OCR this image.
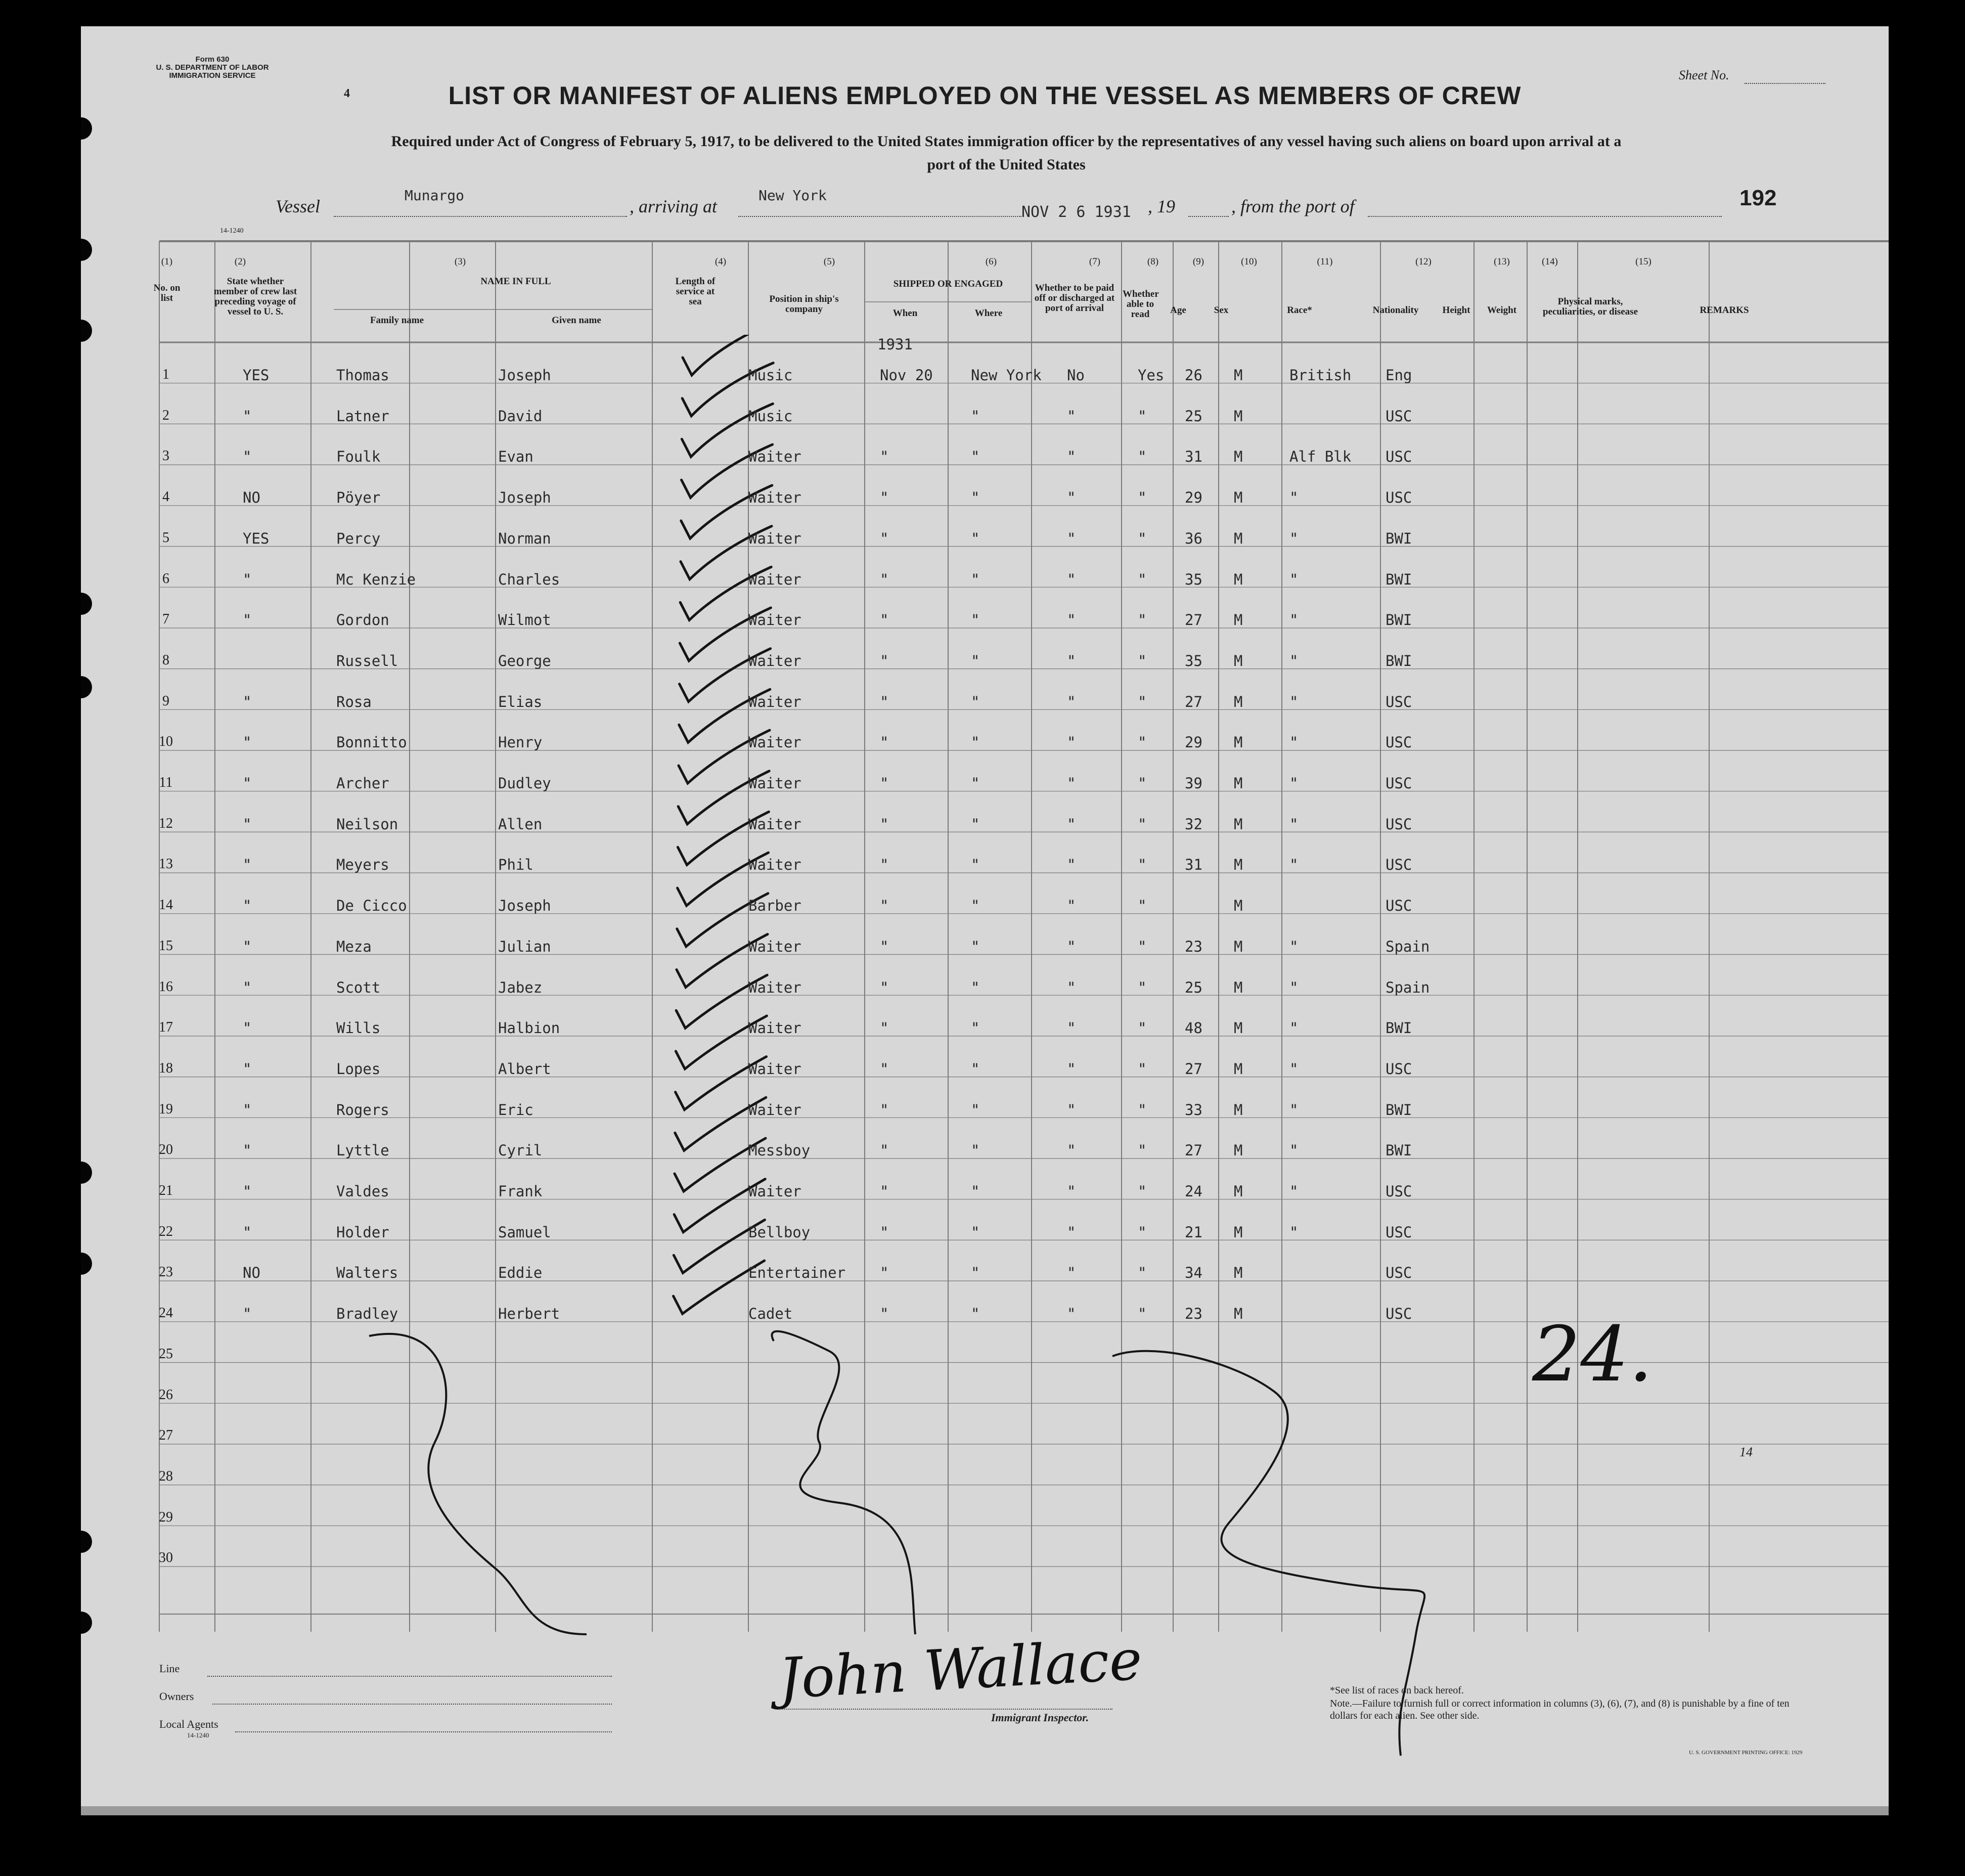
Form 630
U. S. DEPARTMENT OF LABOR
IMMIGRATION SERVICE
4
Sheet No.
LIST OR MANIFEST OF ALIENS EMPLOYED ON THE VESSEL AS MEMBERS OF CREW
Required under Act of Congress of February 5, 1917, to be delivered to the United States immigration officer by the representatives of any vessel having such aliens on board upon arrival at a
port of the United States
Vessel
Munargo
, arriving at
New York
NOV 2 6 1931 , 19	, from the port of	192
14-1240
(1)	(2)	(3)	(4)	(5)	(6)	(7)	(8)	(9)	(10)	(11)	(12)	(13)	(14)	(15)
No. on list
State whether member of crew last preceding voyage of vessel to U. S.
NAME IN FULL
Family name	Given name
Length of service at sea	Position in ship's company
SHIPPED OR ENGAGED
When	Where
Whether to be paid off or discharged at port of arrival
Whether able to read	Age	Sex	Race*	Nationality	Height	Weight
Physical marks, peculiarities, or disease	REMARKS
1	YES	Thomas	Joseph	Music	Nov 20	New York No	Yes 26 M	British Eng
2	"	Latner	David	Music	"	"	"	25 M	USC
3	"	Foulk	Evan	Waiter	"	"	"	"	31 M	Alf Blk USC
4	NO	Pöyer	Joseph	Waiter	"	"	"	"	29 M	"	USC
5	YES	Percy	Norman	Waiter	"	"	"	"	36 M	"	BWI
6	"	Mc Kenzie	Charles	Waiter	"	"	"	"	35 M	"	BWI
7	"	Gordon	Wilmot	Waiter	"	"	"	"	27 M	"	BWI
8	Russell	George	Waiter	"	"	"	"	35 M	"	BWI
9	"	Rosa	Elias	Waiter	"	"	"	"	27 M	"	USC
10	"	Bonnitto	Henry	Waiter	"	"	"	"	29 M	"	USC
11	"	Archer	Dudley	Waiter	"	"	"	"	39 M	"	USC
12	"	Neilson	Allen	Waiter	"	"	"	"	32 M	"	USC
13	"	Meyers	Phil	Waiter	"	"	"	"	31 M	"	USC
14	"	De Cicco	Joseph	Barber	"	"	"	"	M	USC
15	"	Meza	Julian	Waiter	"	"	"	"	23 M	"	Spain
16	"	Scott	Jabez	Waiter	"	"	"	"	25 M	"	Spain
17	"	Wills	Halbion	Waiter	"	"	"	"	48 M	"	BWI
18	"	Lopes	Albert	Waiter	"	"	"	"	27 M	"	USC
19	"	Rogers	Eric	Waiter	"	"	"	"	33 M	"	BWI
20	"	Lyttle	Cyril	Messboy	"	"	"	"	27 M	"	BWI
21	"	Valdes	Frank	Waiter	"	"	"	"	24 M	"	USC
22	"	Holder	Samuel	Bellboy	"	"	"	"	21 M	"	USC
23	NO	Walters	Eddie	Entertainer "	"	"	"	34 M	USC
24	"	Bradley	Herbert	Cadet	"	"	"	"	23 M	USC
1931
25
26
27
28
29
30
24.
14
Line
Owners
Local Agents
14-1240
John Wallace
Immigrant Inspector.
*See list of races on back hereof.
Note.—Failure to furnish full or correct information in columns (3), (6), (7), and (8) is punishable by a fine of ten dollars for each alien. See other side.
U. S. GOVERNMENT PRINTING OFFICE: 1929
